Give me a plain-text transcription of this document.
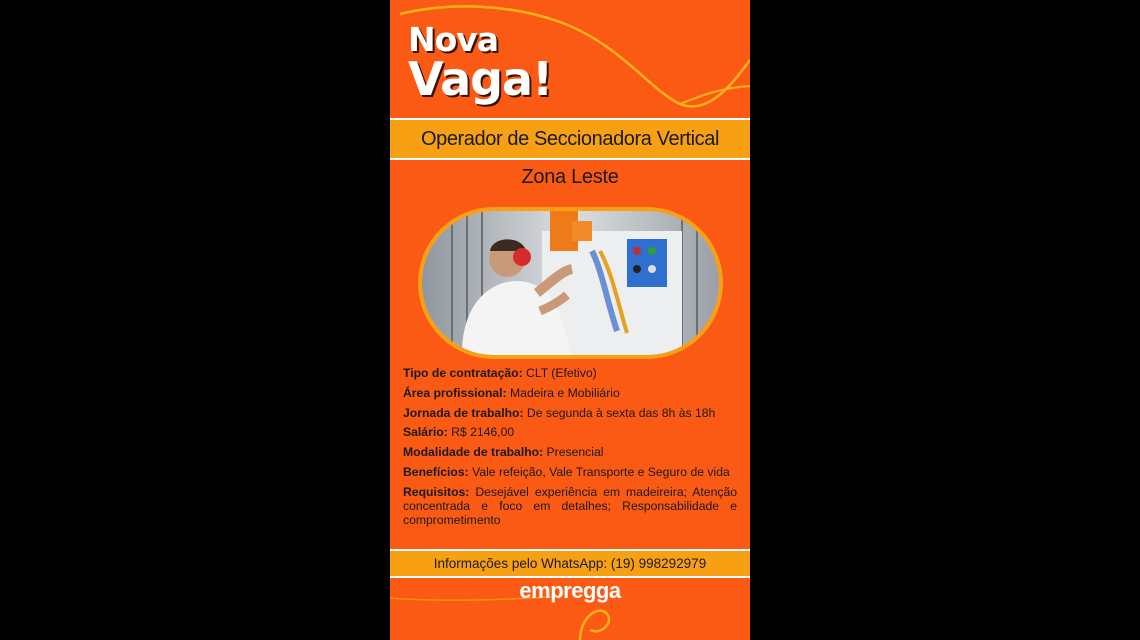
Nova
Vaga!
Operador de Seccionadora Vertical
Zona Leste
Tipo de contratação: CLT (Efetivo)
Área profissional: Madeira e Mobiliário
Jornada de trabalho: De segunda à sexta das 8h às 18h
Salário: R$ 2146,00
Modalidade de trabalho: Presencial
Benefícios: Vale refeição, Vale Transporte e Seguro de vida
Requisitos: Desejável experiência em madeireira; Atenção concentrada e foco em detalhes; Responsabilidade e comprometimento
Informações pelo WhatsApp: (19) 998292979
empregga
